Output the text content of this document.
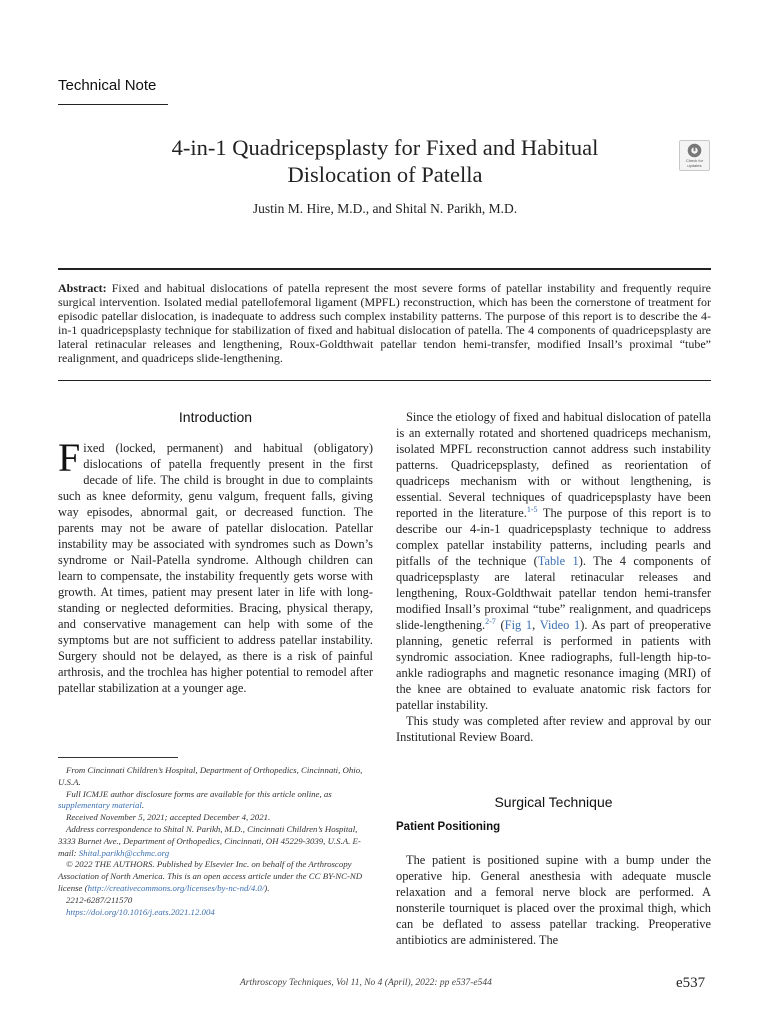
Technical Note
4-in-1 Quadricepsplasty for Fixed and Habitual
Dislocation of Patella
Check for
updates
Justin M. Hire, M.D., and Shital N. Parikh, M.D.
Abstract: Fixed and habitual dislocations of patella represent the most severe forms of patellar instability and frequently require surgical intervention. Isolated medial patellofemoral ligament (MPFL) reconstruction, which has been the cornerstone of treatment for episodic patellar dislocation, is inadequate to address such complex instability patterns. The purpose of this report is to describe the 4-in-1 quadricepsplasty technique for stabilization of fixed and habitual dislocation of patella. The 4 components of quadricepsplasty are lateral retinacular releases and lengthening, Roux-Goldthwait patellar tendon hemi-transfer, modified Insall’s proximal “tube” realignment, and quadriceps slide-lengthening.
Introduction
Fixed (locked, permanent) and habitual (obligatory) dislocations of patella frequently present in the first decade of life. The child is brought in due to complaints such as knee deformity, genu valgum, frequent falls, giving way episodes, abnormal gait, or decreased function. The parents may not be aware of patellar dislocation. Patellar instability may be associated with syndromes such as Down’s syndrome or Nail-Patella syndrome. Although children can learn to compensate, the instability frequently gets worse with growth. At times, patient may present later in life with long-standing or neglected deformities. Bracing, physical therapy, and conservative management can help with some of the symptoms but are not sufficient to address patellar instability. Surgery should not be delayed, as there is a risk of painful arthrosis, and the trochlea has higher potential to remodel after patellar stabilization at a younger age.

From Cincinnati Children’s Hospital, Department of Orthopedics, Cincinnati, Ohio, U.S.A.

Full ICMJE author disclosure forms are available for this article online, as supplementary material.

Received November 5, 2021; accepted December 4, 2021.

Address correspondence to Shital N. Parikh, M.D., Cincinnati Children’s Hospital, 3333 Burnet Ave., Department of Orthopedics, Cincinnati, OH 45229-3039, U.S.A. E-mail: Shital.parikh@cchmc.org

© 2022 THE AUTHORS. Published by Elsevier Inc. on behalf of the Arthroscopy Association of North America. This is an open access article under the CC BY-NC-ND license (http://creativecommons.org/licenses/by-nc-nd/4.0/).

2212-6287/211570

https://doi.org/10.1016/j.eats.2021.12.004

Since the etiology of fixed and habitual dislocation of patella is an externally rotated and shortened quadriceps mechanism, isolated MPFL reconstruction cannot address such instability patterns. Quadricepsplasty, defined as reorientation of quadriceps mechanism with or without lengthening, is essential. Several techniques of quadricepsplasty have been reported in the literature.$^{1-5}$ The purpose of this report is to describe our 4-in-1 quadricepsplasty technique to address complex patellar instability patterns, including pearls and pitfalls of the technique (Table 1). The 4 components of quadricepsplasty are lateral retinacular releases and lengthening, Roux-Goldthwait patellar tendon hemi-transfer modified Insall’s proximal “tube” realignment, and quadriceps slide-lengthening.$^{2-7}$ (Fig 1, Video 1). As part of preoperative planning, genetic referral is performed in patients with syndromic association. Knee radiographs, full-length hip-to-ankle radiographs and magnetic resonance imaging (MRI) of the knee are obtained to evaluate anatomic risk factors for patellar instability.

This study was completed after review and approval by our Institutional Review Board.

Surgical Technique
Patient Positioning

The patient is positioned supine with a bump under the operative hip. General anesthesia with adequate muscle relaxation and a femoral nerve block are performed. A nonsterile tourniquet is placed over the proximal thigh, which can be deflated to assess patellar tracking. Preoperative antibiotics are administered. The

Arthroscopy Techniques, Vol 11, No 4 (April), 2022: pp e537-e544	e537
